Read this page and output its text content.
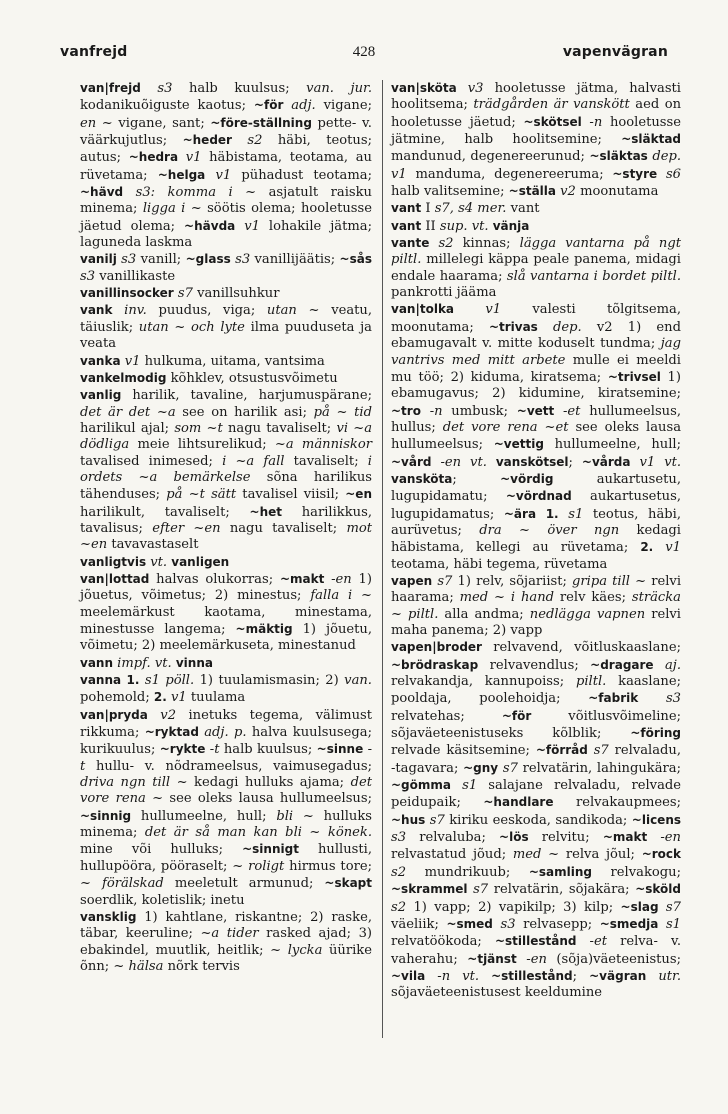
vanfrejd	428	vapenvägran
van|frejd s3 halb kuulsus; van. jur. kodanikuõiguste kaotus; ~för adj. vigane; en ~ vigane, sant; ~före-ställning pette- v. väärkujutlus; ~heder s2 häbi, teotus; autus; ~hedra v1 häbistama, teotama, au rüvetama; ~helga v1 pühadust teotama; ~hävd s3: komma i ~ asjatult raisku minema; ligga i ~ söötis olema; hooletusse jäetud olema; ~hävda v1 lohakile jätma; laguneda laskma
vanilj s3 vanill; ~glass s3 vanillijäätis; ~sås s3 vanillikaste
vanillinsocker s7 vanillsuhkur
vank inv. puudus, viga; utan ~ veatu, täiuslik; utan ~ och lyte ilma puuduseta ja veata
vanka v1 hulkuma, uitama, vantsima
vankelmodig kõhklev, otsustusvõimetu
vanlig harilik, tavaline, harjumuspärane; det är det ~a see on harilik asi; på ~ tid harilikul ajal; som ~t nagu tavaliselt; vi ~a dödliga meie lihtsurelikud; ~a människor tavalised inimesed; i ~a fall tavaliselt; i ordets ~a bemärkelse sõna harilikus tähenduses; på ~t sätt tavalisel viisil; ~en harilikult, tavaliselt; ~het harilikkus, tavalisus; efter ~en nagu tavaliselt; mot ~en tavavastaselt
vanligtvis vt. vanligen
van|lottad halvas olukorras; ~makt -en 1) jõuetus, võimetus; 2) minestus; falla i ~ meelemärkust kaotama, minestama, minestusse langema; ~mäktig 1) jõuetu, võimetu; 2) meelemärkuseta, minestanud
vann impf. vt. vinna
vanna 1. s1 pöll. 1) tuulamismasin; 2) van. pohemold; 2. v1 tuulama
van|pryda v2 inetuks tegema, välimust rikkuma; ~ryktad adj. p. halva kuulsusega; kurikuulus; ~rykte -t halb kuulsus; ~sinne -t hullu- v. nõdrameelsus, vaimusegadus; driva ngn till ~ kedagi hulluks ajama; det vore rena ~ see oleks lausa hullumeelsus; ~sinnig hullumeelne, hull; bli ~ hulluks minema; det är så man kan bli ~ könek. mine või hulluks; ~sinnigt hullusti, hullupööra, pööraselt; ~ roligt hirmus tore; ~ förälskad meeletult armunud; ~skapt soerdlik, koletislik; inetu
vansklig 1) kahtlane, riskantne; 2) raske, täbar, keeruline; ~a tider rasked ajad; 3) ebakindel, muutlik, heitlik; ~ lycka üürike õnn; ~ hälsa nõrk tervis
van|sköta v3 hooletusse jätma, halvasti hoolitsema; trädgården är vanskött aed on hooletusse jäetud; ~skötsel -n hooletusse jätmine, halb hoolitsemine; ~släktad mandunud, degenereerunud; ~släktas dep. v1 manduma, degenereeruma; ~styre s6 halb valitsemine; ~ställa v2 moonutama
vant I s7, s4 mer. vant
vant II sup. vt. vänja
vante s2 kinnas; lägga vantarna på ngt piltl. millelegi käppa peale panema, midagi endale haarama; slå vantarna i bordet piltl. pankrotti jääma
van|tolka v1 valesti tõlgitsema, moonutama; ~trivas dep. v2 1) end ebamugavalt v. mitte koduselt tundma; jag vantrivs med mitt arbete mulle ei meeldi mu töö; 2) kiduma, kiratsema; ~trivsel 1) ebamugavus; 2) kidumine, kiratsemine; ~tro -n umbusk; ~vett -et hullumeelsus, hullus; det vore rena ~et see oleks lausa hullumeelsus; ~vettig hullumeelne, hull; ~vård -en vt. vanskötsel; ~vårda v1 vt. vansköta; ~vördig aukartusetu, lugupidamatu; ~vördnad aukartusetus, lugupidamatus; ~ära 1. s1 teotus, häbi, aurüvetus; dra ~ över ngn kedagi häbistama, kellegi au rüvetama; 2. v1 teotama, häbi tegema, rüvetama
vapen s7 1) relv, sõjariist; gripa till ~ relvi haarama; med ~ i hand relv käes; sträcka ~ piltl. alla andma; nedlägga vapnen relvi maha panema; 2) vapp
vapen|broder relvavend, võitluskaaslane; ~brödraskap relvavendlus; ~dragare aj. relvakandja, kannupoiss; piltl. kaaslane; pooldaja, poolehoidja; ~fabrik s3 relvatehas; ~för võitlusvõimeline; sõjaväeteenistuseks kõlblik; ~föring relvade käsitsemine; ~förråd s7 relvaladu, -tagavara; ~gny s7 relvatärin, lahingukära; ~gömma s1 salajane relvaladu, relvade peidupaik; ~handlare relvakaupmees; ~hus s7 kiriku eeskoda, sandikoda; ~licens s3 relvaluba; ~lös relvitu; ~makt -en relvastatud jõud; med ~ relva jõul; ~rock s2 mundrikuub; ~samling relvakogu; ~skrammel s7 relvatärin, sõjakära; ~sköld s2 1) vapp; 2) vapikilp; 3) kilp; ~slag s7 väeliik; ~smed s3 relvasepp; ~smedja s1 relvatöökoda; ~stillestånd -et relva- v. vaherahu; ~tjänst -en (sõja)väeteenistus; ~vila -n vt. ~stillestånd; ~vägran utr. sõjaväeteenistusest keeldumine
